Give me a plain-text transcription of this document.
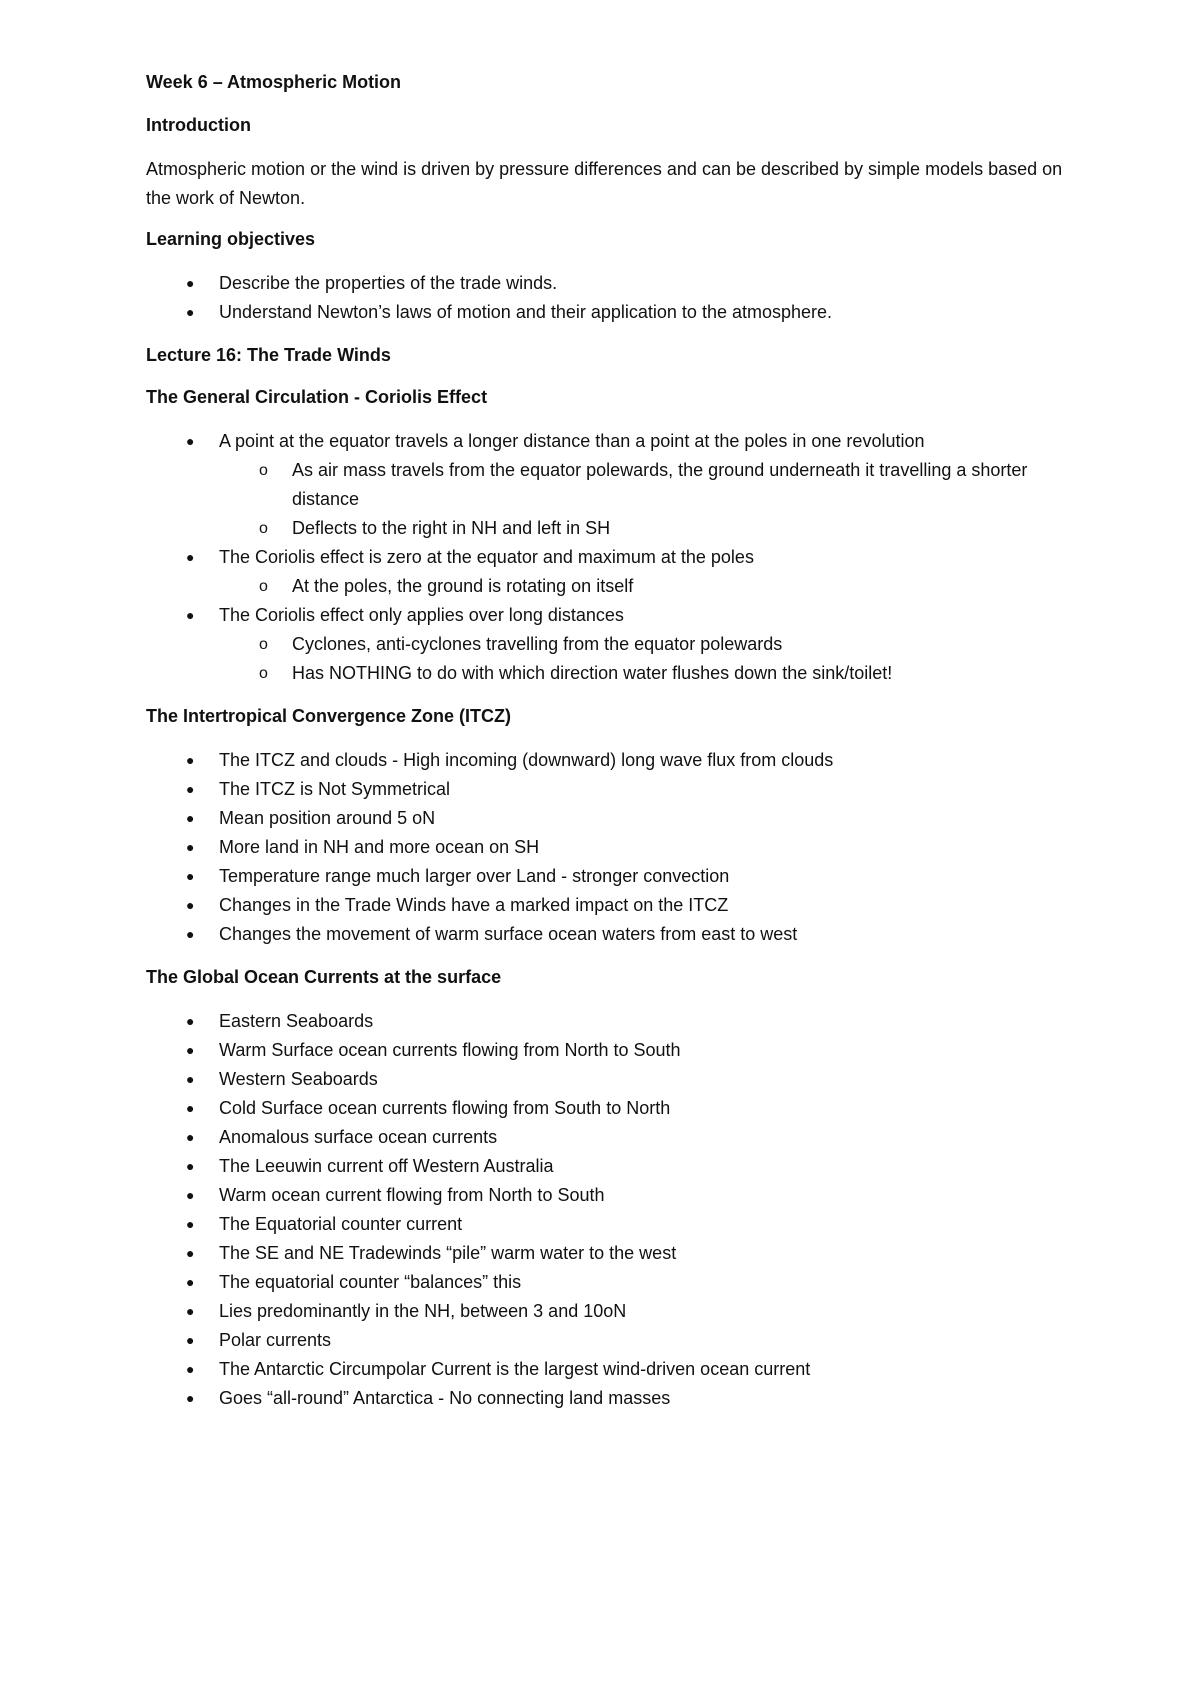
Week 6 – Atmospheric Motion

Introduction

Atmospheric motion or the wind is driven by pressure differences and can be described by simple models based on the work of Newton.

Learning objectives

● Describe the properties of the trade winds.
● Understand Newton’s laws of motion and their application to the atmosphere.

Lecture 16: The Trade Winds

The General Circulation - Coriolis Effect

● A point at the equator travels a longer distance than a point at the poles in one revolution
o As air mass travels from the equator polewards, the ground underneath it travelling a shorter distance
o Deflects to the right in NH and left in SH
● The Coriolis effect is zero at the equator and maximum at the poles
o At the poles, the ground is rotating on itself
● The Coriolis effect only applies over long distances
o Cyclones, anti-cyclones travelling from the equator polewards
o Has NOTHING to do with which direction water flushes down the sink/toilet!

The Intertropical Convergence Zone (ITCZ)

● The ITCZ and clouds - High incoming (downward) long wave flux from clouds
● The ITCZ is Not Symmetrical
● Mean position around 5 oN
● More land in NH and more ocean on SH
● Temperature range much larger over Land - stronger convection
● Changes in the Trade Winds have a marked impact on the ITCZ
● Changes the movement of warm surface ocean waters from east to west

The Global Ocean Currents at the surface

● Eastern Seaboards
● Warm Surface ocean currents flowing from North to South
● Western Seaboards
● Cold Surface ocean currents flowing from South to North
● Anomalous surface ocean currents
● The Leeuwin current off Western Australia
● Warm ocean current flowing from North to South
● The Equatorial counter current
● The SE and NE Tradewinds “pile” warm water to the west
● The equatorial counter “balances” this
● Lies predominantly in the NH, between 3 and 10oN
● Polar currents
● The Antarctic Circumpolar Current is the largest wind-driven ocean current
● Goes “all-round” Antarctica - No connecting land masses
